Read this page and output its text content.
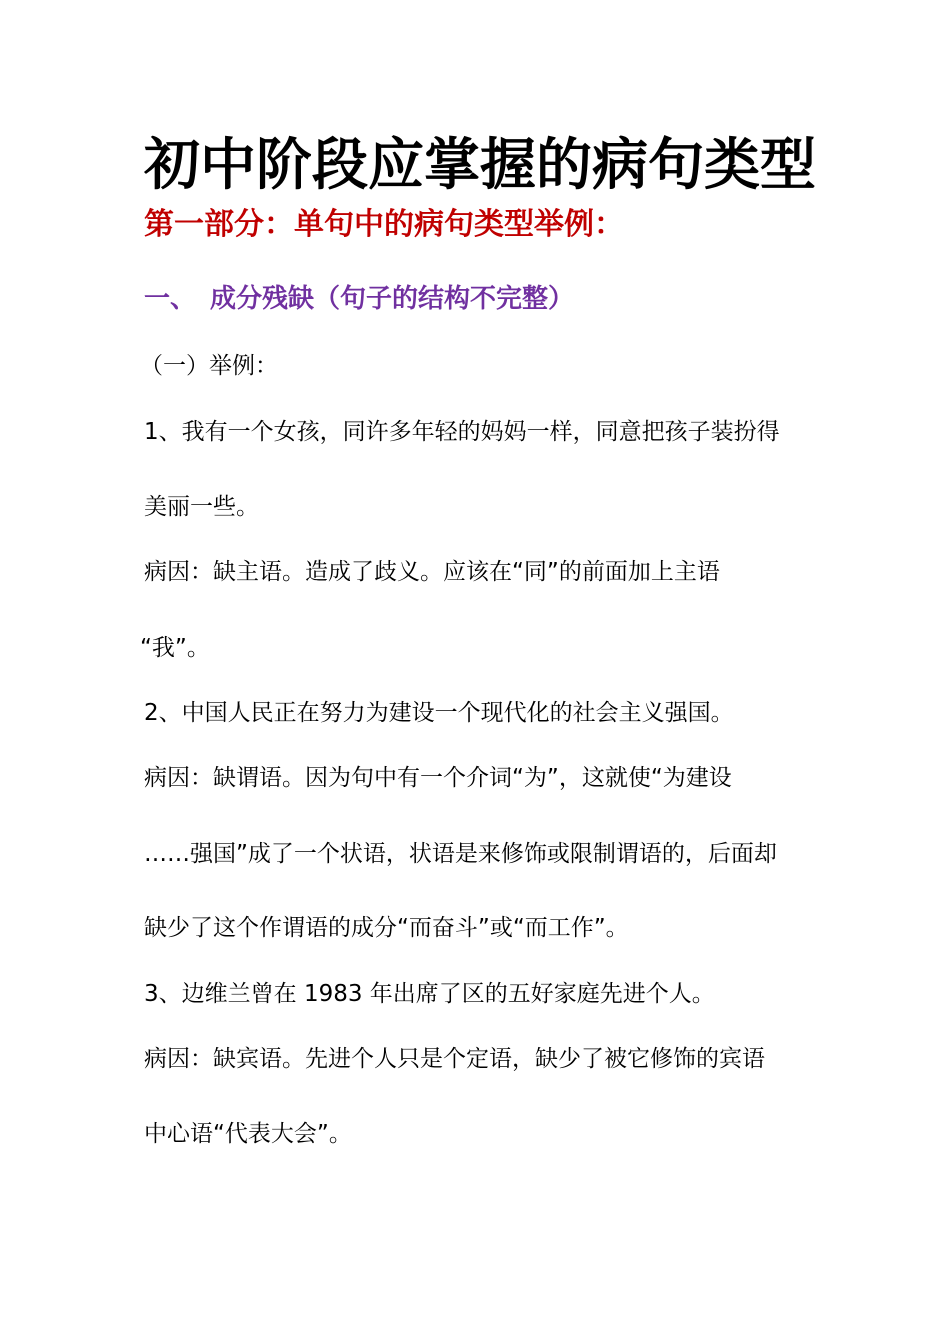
初中阶段应掌握的病句类型
第一部分：单句中的病句类型举例：
一、 成分残缺（句子的结构不完整）

（一）举例：

1、我有一个女孩，同许多年轻的妈妈一样，同意把孩子装扮得

美丽一些。

病因：缺主语。造成了歧义。应该在“同”的前面加上主语

“我”。

2、中国人民正在努力为建设一个现代化的社会主义强国。

病因：缺谓语。因为句中有一个介词“为”，这就使“为建设

……强国”成了一个状语，状语是来修饰或限制谓语的，后面却

缺少了这个作谓语的成分“而奋斗”或“而工作”。

3、边维兰曾在 1983 年出席了区的五好家庭先进个人。

病因：缺宾语。先进个人只是个定语，缺少了被它修饰的宾语

中心语“代表大会”。
